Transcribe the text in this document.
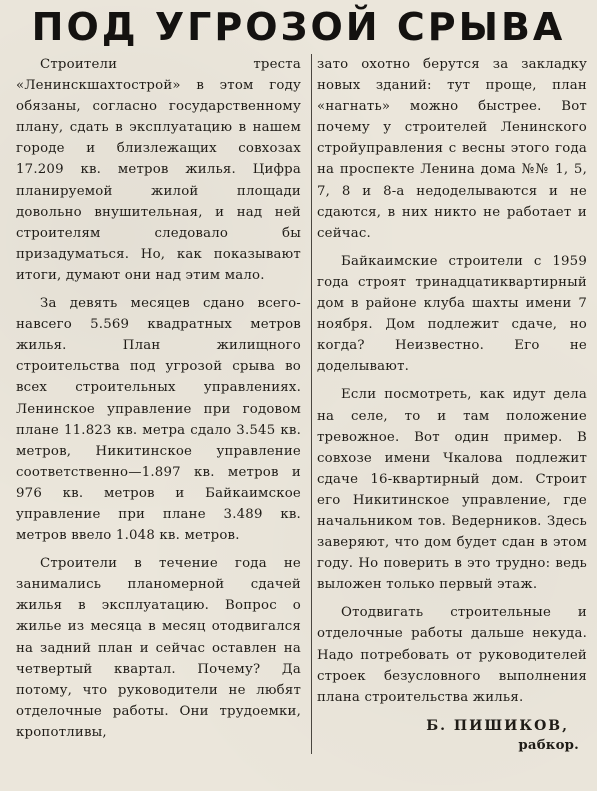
ПОД УГРОЗОЙ СРЫВА

Строители треста «Ленинскшахтострой» в этом году обязаны, согласно государственному плану, сдать в эксплуатацию в нашем городе и близлежащих совхозах 17.209 кв. метров жилья. Цифра планируемой жилой площади довольно внушительная, и над ней строителям следовало бы призадуматься. Но, как показывают итоги, думают они над этим мало.

За девять месяцев сдано всего-навсего 5.569 квадратных метров жилья. План жилищного строительства под угрозой срыва во всех строительных управлениях. Ленинское управление при годовом плане 11.823 кв. метра сдало 3.545 кв. метров, Никитинское управление соответственно—1.897 кв. метров и 976 кв. метров и Байкаимское управление при плане 3.489 кв. метров ввело 1.048 кв. метров.

Строители в течение года не занимались планомерной сдачей жилья в эксплуатацию. Вопрос о жилье из месяца в месяц отодвигался на задний план и сейчас оставлен на четвертый квартал. Почему? Да потому, что руководители не любят отделочные работы. Они трудоемки, кропотливы,

зато охотно берутся за закладку новых зданий: тут проще, план «нагнать» можно быстрее. Вот почему у строителей Ленинского стройуправления с весны этого года на проспекте Ленина дома №№ 1, 5, 7, 8 и 8-а недоделываются и не сдаются, в них никто не работает и сейчас.

Байкаимские строители с 1959 года строят тринадцатиквартирный дом в районе клуба шахты имени 7 ноября. Дом подлежит сдаче, но когда? Неизвестно. Его не доделывают.

Если посмотреть, как идут дела на селе, то и там положение тревожное. Вот один пример. В совхозе имени Чкалова подлежит сдаче 16-квартирный дом. Строит его Никитинское управление, где начальником тов. Ведерников. Здесь заверяют, что дом будет сдан в этом году. Но поверить в это трудно: ведь выложен только первый этаж.

Отодвигать строительные и отделочные работы дальше некуда. Надо потребовать от руководителей строек безусловного выполнения плана строительства жилья.

Б. ПИШИКОВ,
рабкор.
